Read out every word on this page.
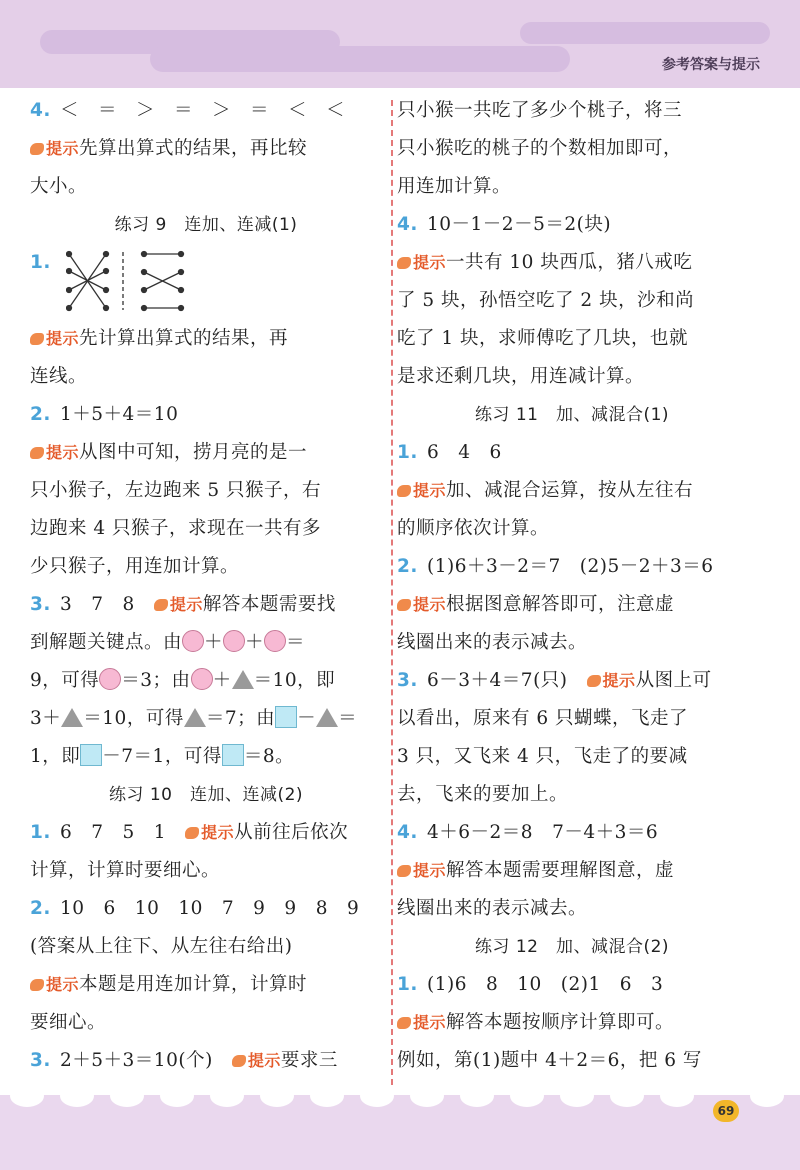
参考答案与提示
4. ＜　＝　＞　＝　＞　＝　＜　＜
提示先算出算式的结果，再比较
大小。
练习 9　连加、连减(1)
1.
提示先计算出算式的结果，再
连线。
2. 1＋5＋4＝10
提示从图中可知，捞月亮的是一
只小猴子，左边跑来 5 只猴子，右
边跑来 4 只猴子，求现在一共有多
少只猴子，用连加计算。
3. 3　7　8　 提示解答本题需要找
到解题关键点。由 ＋ ＋ ＝
9，可得 ＝3；由 ＋ ＝10，即
3＋ ＝10，可得 ＝7；由 － ＝
1，即 －7＝1，可得 ＝8。
练习 10　连加、连减(2)
1. 6　7　5　1　 提示从前往后依次
计算，计算时要细心。
2. 10　6　10　10　7　9　9　8　9
(答案从上往下、从左往右给出)
提示本题是用连加计算，计算时
要细心。
3. 2＋5＋3＝10(个)　 提示要求三
只小猴一共吃了多少个桃子，将三
只小猴吃的桃子的个数相加即可，
用连加计算。
4. 10－1－2－5＝2(块)
提示一共有 10 块西瓜，猪八戒吃
了 5 块，孙悟空吃了 2 块，沙和尚
吃了 1 块，求师傅吃了几块，也就
是求还剩几块，用连减计算。
练习 11　加、减混合(1)
1. 6　4　6
提示加、减混合运算，按从左往右
的顺序依次计算。
2. (1)6＋3－2＝7　(2)5－2＋3＝6
提示根据图意解答即可，注意虚
线圈出来的表示减去。
3. 6－3＋4＝7(只)　 提示从图上可
以看出，原来有 6 只蝴蝶，飞走了
3 只，又飞来 4 只，飞走了的要减
去，飞来的要加上。
4. 4＋6－2＝8　7－4＋3＝6
提示解答本题需要理解图意，虚
线圈出来的表示减去。
练习 12　加、减混合(2)
1. (1)6　8　10　(2)1　6　3
提示解答本题按顺序计算即可。
例如，第(1)题中 4＋2＝6，把 6 写
69
